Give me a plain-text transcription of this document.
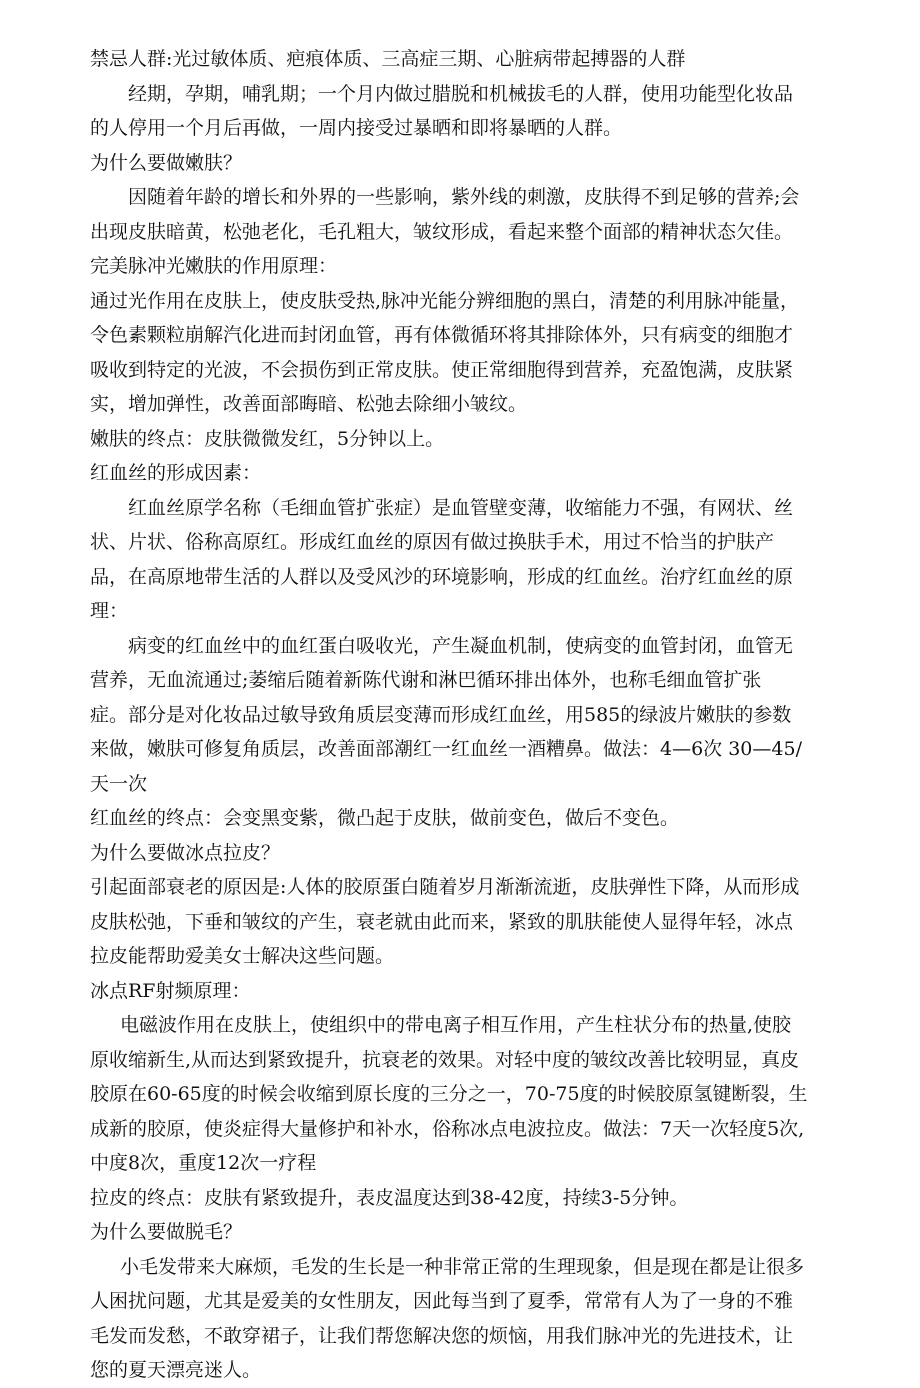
禁忌人群:光过敏体质、疤痕体质、三高症三期、心脏病带起搏器的人群
经期，孕期，哺乳期；一个月内做过腊脱和机械拔毛的人群，使用功能型化妆品
的人停用一个月后再做，一周内接受过暴晒和即将暴晒的人群。
为什么要做嫩肤？
因随着年龄的增长和外界的一些影响，紫外线的刺激，皮肤得不到足够的营养;会
出现皮肤暗黄，松弛老化，毛孔粗大，皱纹形成，看起来整个面部的精神状态欠佳。
完美脉冲光嫩肤的作用原理：
通过光作用在皮肤上，使皮肤受热,脉冲光能分辨细胞的黑白，清楚的利用脉冲能量，
令色素颗粒崩解汽化进而封闭血管，再有体微循环将其排除体外，只有病变的细胞才
吸收到特定的光波，不会损伤到正常皮肤。使正常细胞得到营养，充盈饱满，皮肤紧
实，增加弹性，改善面部晦暗、松弛去除细小皱纹。
嫩肤的终点：皮肤微微发红，5分钟以上。
红血丝的形成因素：
红血丝原学名称（毛细血管扩张症）是血管壁变薄，收缩能力不强，有网状、丝
状、片状、俗称高原红。形成红血丝的原因有做过换肤手术，用过不恰当的护肤产
品，在高原地带生活的人群以及受风沙的环境影响，形成的红血丝。治疗红血丝的原
理：
病变的红血丝中的血红蛋白吸收光，产生凝血机制，使病变的血管封闭，血管无
营养，无血流通过;萎缩后随着新陈代谢和淋巴循环排出体外，也称毛细血管扩张
症。部分是对化妆品过敏导致角质层变薄而形成红血丝，用585的绿波片嫩肤的参数
来做，嫩肤可修复角质层，改善面部潮红一红血丝一酒糟鼻。做法：4—6次 30—45/
天一次
红血丝的终点：会变黑变紫，微凸起于皮肤，做前变色，做后不变色。
为什么要做冰点拉皮？
引起面部衰老的原因是:人体的胶原蛋白随着岁月渐渐流逝，皮肤弹性下降，从而形成
皮肤松弛，下垂和皱纹的产生，衰老就由此而来，紧致的肌肤能使人显得年轻，冰点
拉皮能帮助爱美女士解决这些问题。
冰点RF射频原理：
电磁波作用在皮肤上，使组织中的带电离子相互作用，产生柱状分布的热量,使胶
原收缩新生,从而达到紧致提升，抗衰老的效果。对轻中度的皱纹改善比较明显，真皮
胶原在60-65度的时候会收缩到原长度的三分之一，70-75度的时候胶原氢键断裂，生
成新的胶原，使炎症得大量修护和补水，俗称冰点电波拉皮。做法：7天一次轻度5次,
中度8次，重度12次一疗程
拉皮的终点：皮肤有紧致提升，表皮温度达到38-42度，持续3-5分钟。
为什么要做脱毛？
小毛发带来大麻烦，毛发的生长是一种非常正常的生理现象，但是现在都是让很多
人困扰问题，尤其是爱美的女性朋友，因此每当到了夏季，常常有人为了一身的不雅
毛发而发愁，不敢穿裙子，让我们帮您解决您的烦恼，用我们脉冲光的先进技术，让
您的夏天漂亮迷人。
